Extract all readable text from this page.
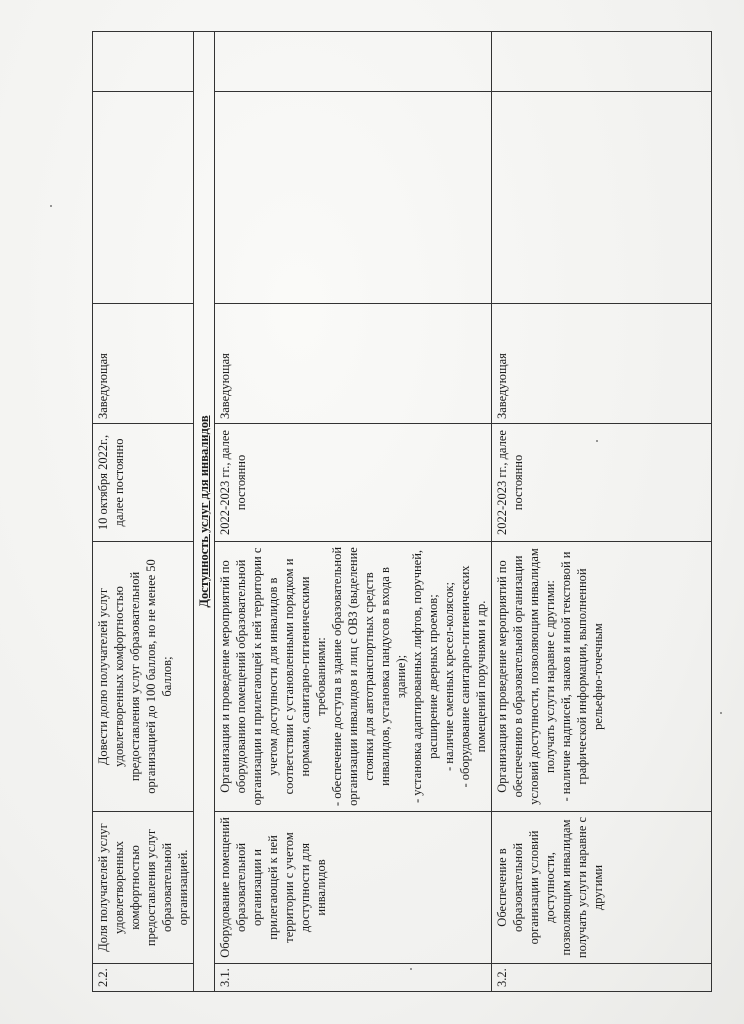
2.2.	Доля получателей услуг удовлетворенных комфортностью предоставления услуг образовательной организацией.	Довести долю получателей услуг удовлетворенных комфортностью предоставления услуг образовательной организацией до 100 баллов, но не менее 50 баллов;	10 октября 2022г., далее постоянно	Заведующая		
Доступность услуг для инвалидов						
3.1.	Оборудование помещений образовательной организации и прилегающей к ней территории с учетом доступности для инвалидов	Организация и проведение мероприятий по оборудованию помещений образовательной организации и прилегающей к ней территории с учетом доступности для инвалидов в соответствии с установленными порядком и нормами, санитарно-гигиеническими требованиями: - обеспечение доступа в здание образовательной организации инвалидов и лиц с ОВЗ (выделение стоянки для автотранспортных средств инвалидов, установка пандусов в входа в здание); - установка адаптированных лифтов, поручней, расширение дверных проемов; - наличие сменных кресел-колясок; - оборудование санитарно-гигиенических помещений поручнями и др.	2022-2023 гг., далее постоянно	Заведующая		
3.2.	Обеспечение в образовательной организации условий доступности, позволяющим инвалидам получать услуги наравне с другими	Организация и проведение мероприятий по обеспечению в образовательной организации условий доступности, позволяющим инвалидам получать услуги наравне с другими: - наличие надписей, знаков и иной текстовой и графической информации, выполненной рельефно-точечным	2022-2023 гг., далее постоянно	Заведующая		
